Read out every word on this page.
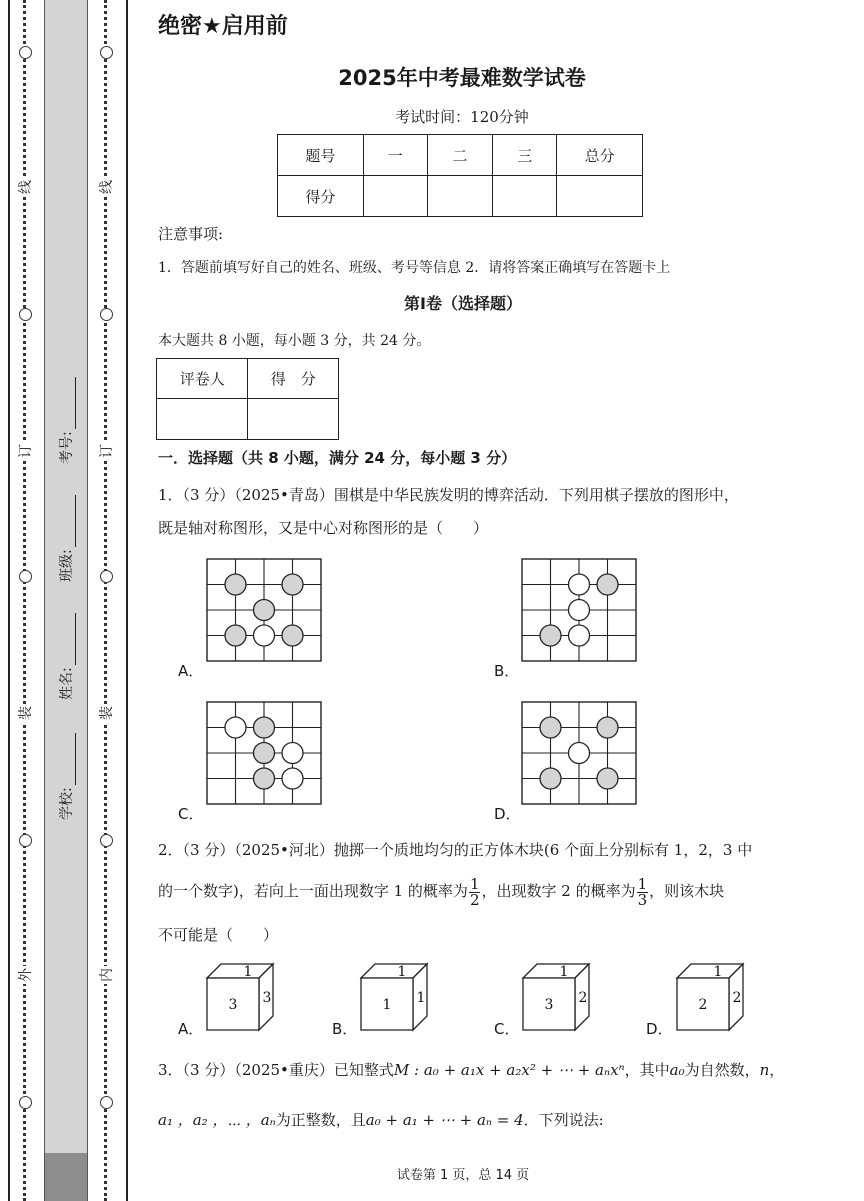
线
订
装
外
学校:
姓名:
班级:
考号:
线
订
装
内
绝密★启用前
2025年中考最难数学试卷
考试时间：120分钟
题号	一	二	三	总分
得分				
注意事项:
1．答题前填写好自己的姓名、班级、考号等信息 2．请将答案正确填写在答题卡上
第Ⅰ卷（选择题）
本大题共 8 小题，每小题 3 分，共 24 分。
评卷人	得　分

一．选择题（共 8 小题，满分 24 分，每小题 3 分）
1．（3 分）（2025•青岛）围棋是中华民族发明的博弈活动．下列用棋子摆放的图形中，
既是轴对称图形，又是中心对称图形的是（　　）
A．	B．
C．	D．
2．（3 分）（2025•河北）抛掷一个质地均匀的正方体木块(6 个面上分别标有 1，2，3 中
的一个数字)，若向上一面出现数字 1 的概率为 $\frac{1}{2}$ ，出现数字 2 的概率为 $\frac{1}{3}$ ，则该木块
不可能是（　　）
A．
1
3 3
B．
1
1 1
C．
1
3 2
D．
1
2 2
3．（3 分）（2025•重庆）已知整式M : a₀ + a₁x + a₂x² + ⋯ + aₙxⁿ，其中a₀为自然数，n，
a₁ ，a₂ ，⋯ ，aₙ为正整数，且a₀ + a₁ + ⋯ + aₙ = 4．下列说法:
试卷第 1 页，总 14 页
